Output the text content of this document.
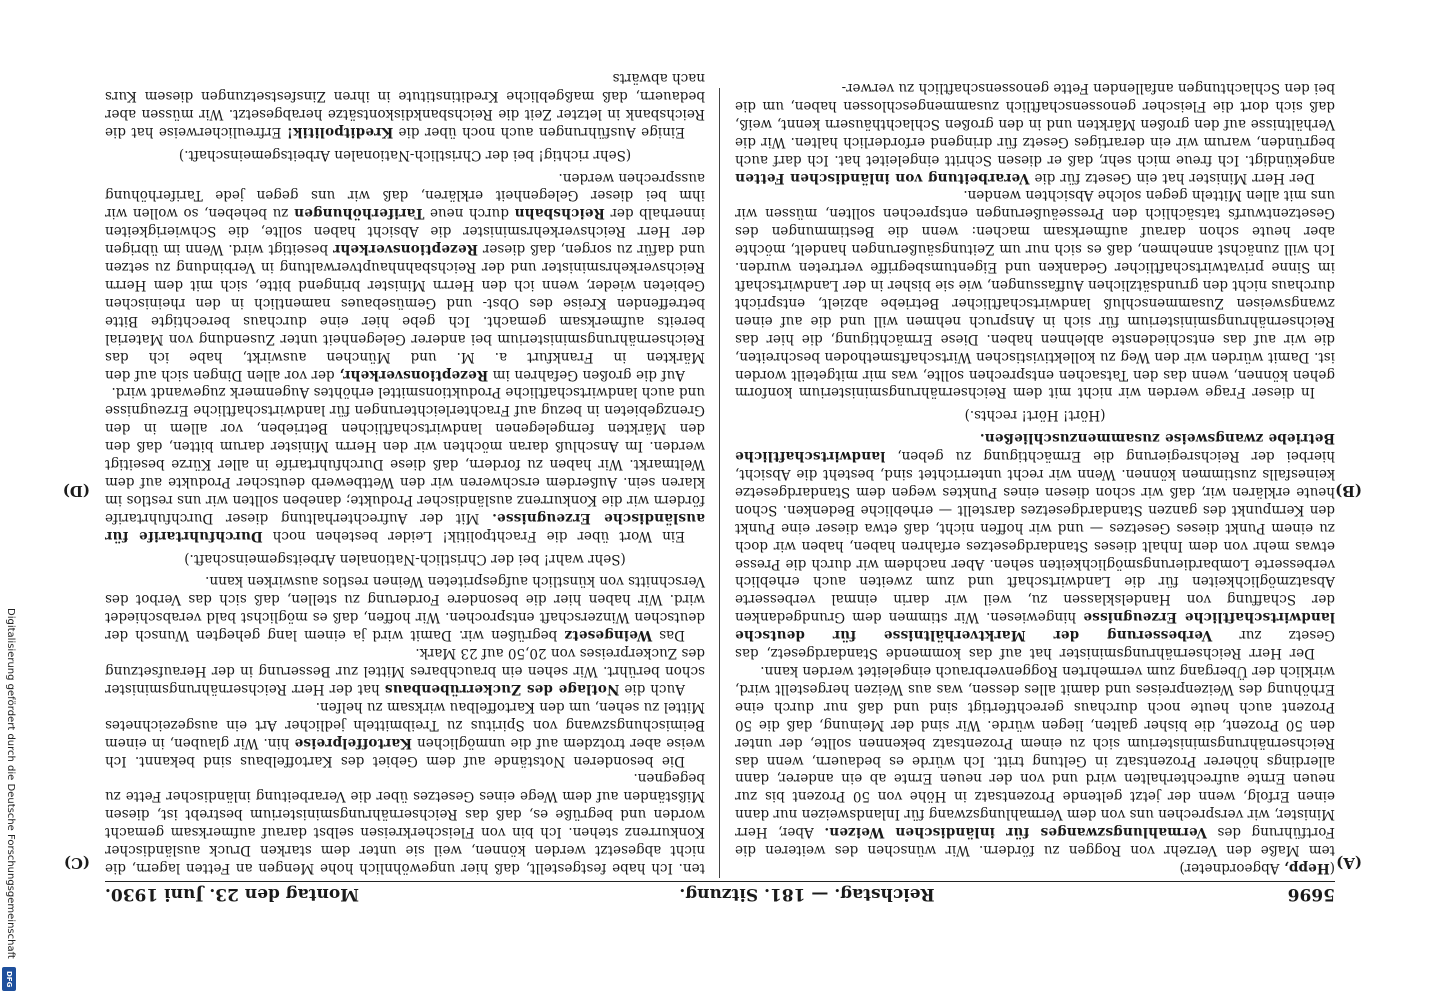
Digitalisierung gefördert durch die Deutsche Forschungsgemeinschaft
DFG
5696
Reichstag. — 181. Sitzung.
Montag den 23. Juni 1930.
(A)
(B)
(C)
(D)

(Hepp, Abgeordneter)

tem Maße den Verzehr von Roggen zu fördern. Wir wünschen des weiteren die Fortführung des Vermahlungszwanges für inländischen Weizen. Aber, Herr Minister, wir versprechen uns von dem Vermahlungszwang für Inlandsweizen nur dann einen Erfolg, wenn der jetzt geltende Prozentsatz in Höhe von 50 Prozent bis zur neuen Ernte aufrechterhalten wird und von der neuen Ernte ab ein anderer, dann allerdings höherer Prozentsatz in Geltung tritt. Ich würde es bedauern, wenn das Reichsernährungsministerium sich zu einem Prozentsatz bekennen sollte, der unter den 50 Prozent, die bisher galten, liegen würde. Wir sind der Meinung, daß die 50 Prozent auch heute noch durchaus gerechtfertigt sind und daß nur durch eine Erhöhung des Weizenpreises und damit alles dessen, was aus Weizen hergestellt wird, wirklich der Übergang zum vermehrten Roggenverbrauch eingeleitet werden kann.

Der Herr Reichsernährungsminister hat auf das kommende Standardgesetz, das Gesetz zur Verbesserung der Marktverhältnisse für deutsche landwirtschaftliche Erzeugnisse hingewiesen. Wir stimmen dem Grundgedanken der Schaffung von Handelsklassen zu, weil wir darin einmal verbesserte Absatzmöglichkeiten für die Landwirtschaft und zum zweiten auch erheblich verbesserte Lombardierungsmöglichkeiten sehen. Aber nachdem wir durch die Presse etwas mehr von dem Inhalt dieses Standardgesetzes erfahren haben, haben wir doch zu einem Punkt dieses Gesetzes — und wir hoffen nicht, daß etwa dieser eine Punkt den Kernpunkt des ganzen Standardgesetzes darstellt — erhebliche Bedenken. Schon heute erklären wir, daß wir schon diesen eines Punktes wegen dem Standardgesetze keinesfalls zustimmen können. Wenn wir recht unterrichtet sind, besteht die Absicht, hierbei der Reichsregierung die Ermächtigung zu geben, landwirtschaftliche Betriebe zwangsweise zusammenzuschließen.

(Hört! Hört! rechts.)

In dieser Frage werden wir nicht mit dem Reichsernährungsministerium konform gehen können, wenn das den Tatsachen entsprechen sollte, was mir mitgeteilt worden ist. Damit würden wir den Weg zu kollektivistischen Wirtschaftsmethoden beschreiten, die wir auf das entschiedenste ablehnen haben. Diese Ermächtigung, die hier das Reichsernährungsministerium für sich in Anspruch nehmen will und die auf einen zwangsweisen Zusammenschluß landwirtschaftlicher Betriebe abzielt, entspricht durchaus nicht den grundsätzlichen Auffassungen, wie sie bisher in der Landwirtschaft im Sinne privatwirtschaftlicher Gedanken und Eigentumsbegriffe vertreten wurden. Ich will zunächst annehmen, daß es sich nur um Zeitungsäußerungen handelt, möchte aber heute schon darauf aufmerksam machen: wenn die Bestimmungen des Gesetzentwurfs tatsächlich den Presseäußerungen entsprechen sollten, müssen wir uns mit allen Mitteln gegen solche Absichten wenden.

Der Herr Minister hat ein Gesetz für die Verarbeitung von inländischen Fetten angekündigt. Ich freue mich sehr, daß er diesen Schritt eingeleitet hat. Ich darf auch begründen, warum wir ein derartiges Gesetz für dringend erforderlich halten. Wir die Verhältnisse auf den großen Märkten und in den großen Schlachthäusern kennt, weiß, daß sich dort die Fleischer genossenschaftlich zusammengeschlossen haben, um die bei den Schlachtungen anfallenden Fette genossenschaftlich zu verwer-

ten. Ich habe festgestellt, daß hier ungewöhnlich hohe Mengen an Fetten lagern, die nicht abgesetzt werden können, weil sie unter dem starken Druck ausländischer Konkurrenz stehen. Ich bin von Fleischerkreisen selbst darauf aufmerksam gemacht worden und begrüße es, daß das Reichsernährungsministerium bestrebt ist, diesen Mißständen auf dem Wege eines Gesetzes über die Verarbeitung inländischer Fette zu begegnen.

Die besonderen Notstände auf dem Gebiet des Kartoffelbaus sind bekannt. Ich weise aber trotzdem auf die unmöglichen Kartoffelpreise hin. Wir glauben, in einem Beimischungszwang von Spiritus zu Treibmitteln jedlicher Art ein ausgezeichnetes Mittel zu sehen, um den Kartoffelbau wirksam zu helfen.

Auch die Notlage des Zuckerrübenbaus hat der Herr Reichsernährungsminister schon berührt. Wir sehen ein brauchbares Mittel zur Besserung in der Heraufsetzung des Zuckerpreises von 20,50 auf 23 Mark.

Das Weingesetz begrüßen wir. Damit wird ja einem lang gehegten Wunsch der deutschen Winzerschaft entsprochen. Wir hoffen, daß es möglichst bald verabschiedet wird. Wir haben hier die besondere Forderung zu stellen, daß sich das Verbot des Verschnitts von künstlich aufgespriteten Weinen restlos auswirken kann.

(Sehr wahr! bei der Christlich-Nationalen Arbeitsgemeinschaft.)

Ein Wort über die Frachtpolitik! Leider bestehen noch Durchfuhrtarife für ausländische Erzeugnisse. Mit der Aufrechterhaltung dieser Durchfuhrtarife fördern wir die Konkurrenz ausländischer Produkte; daneben sollten wir uns restlos im klaren sein. Außerdem erschweren wir den Wettbewerb deutscher Produkte auf dem Weltmarkt. Wir haben zu fordern, daß diese Durchfuhrtarife in aller Kürze beseitigt werden. Im Anschluß daran möchten wir den Herrn Minister darum bitten, daß den den Märkten ferngelegenen landwirtschaftlichen Betrieben, vor allem in den Grenzgebieten in bezug auf Frachterleichterungen für landwirtschaftliche Erzeugnisse und auch landwirtschaftliche Produktionsmittel erhöhtes Augenmerk zugewandt wird.

Auf die großen Gefahren im Rezeptionsverkehr, der vor allen Dingen sich auf den Märkten in Frankfurt a. M. und München auswirkt, habe ich das Reichsernährungsministerium bei anderer Gelegenheit unter Zusendung von Material bereits aufmerksam gemacht. Ich gebe hier eine durchaus berechtigte Bitte betreffenden Kreise des Obst- und Gemüsebaues namentlich in den rheinischen Gebieten wieder, wenn ich den Herrn Minister bringend bitte, sich mit dem Herrn Reichsverkehrsminister und der Reichsbahnhauptverwaltung in Verbindung zu setzen und dafür zu sorgen, daß dieser Rezeptionsverkehr beseitigt wird. Wenn im übrigen der Herr Reichsverkehrsminister die Absicht haben sollte, die Schwierigkeiten innerhalb der Reichsbahn durch neue Tariferhöhungen zu beheben, so wollen wir ihm bei dieser Gelegenheit erklären, daß wir uns gegen jede Tariferhöhung aussprechen werden.

(Sehr richtig! bei der Christlich-Nationalen Arbeitsgemeinschaft.)

Einige Ausführungen auch noch über die Kreditpolitik! Erfreulicherweise hat die Reichsbank in letzter Zeit die Reichsbankdiskontsätze herabgesetzt. Wir müssen aber bedauern, daß maßgebliche Kreditinstitute in ihren Zinsfestsetzungen diesem Kurs nach abwärts
